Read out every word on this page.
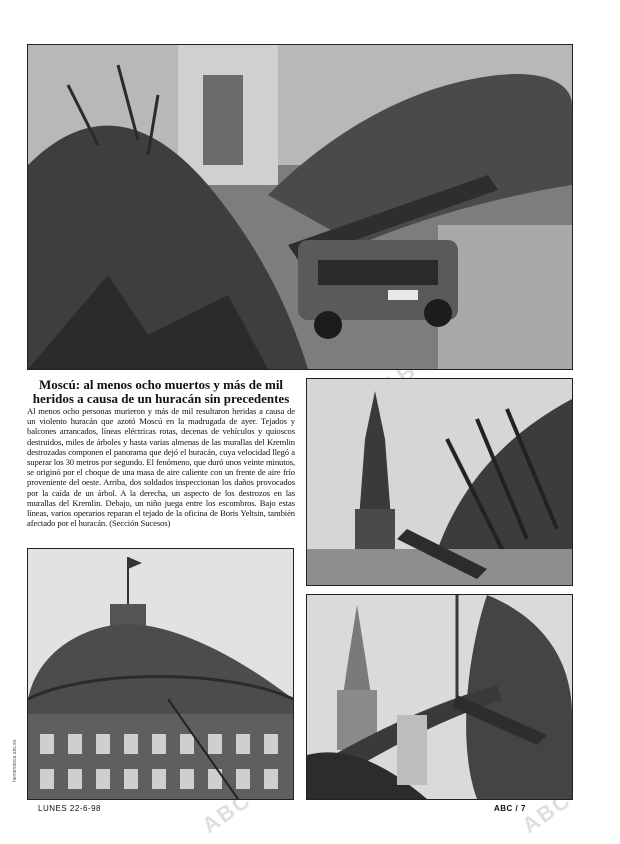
ABC
ABC	ABC
Moscú: al menos ocho muertos y más de mil heridos a causa de un huracán sin precedentes

Al menos ocho personas murieron y más de mil resultaron heridas a causa de un violento huracán que azotó Moscú en la madrugada de ayer. Tejados y balcones arrancados, líneas eléctricas rotas, decenas de vehículos y quioscos destruidos, miles de árboles y hasta varias almenas de las murallas del Kremlin destrozadas componen el panorama que dejó el huracán, cuya velocidad llegó a superar los 30 metros por segundo. El fenómeno, que duró unos veinte minutos, se originó por el choque de una masa de aire caliente con un frente de aire frío proveniente del oeste. Arriba, dos soldados inspeccionan los daños provocados por la caída de un árbol. A la derecha, un aspecto de los destrozos en las murallas del Kremlin. Debajo, un niño juega entre los escombros. Bajo estas líneas, varios operarios reparan el tejado de la oficina de Boris Yeltsin, también afectado por el huracán. (Sección Sucesos)

LUNES 22-6-98	ABC / 7
hemeroteca abc.es
